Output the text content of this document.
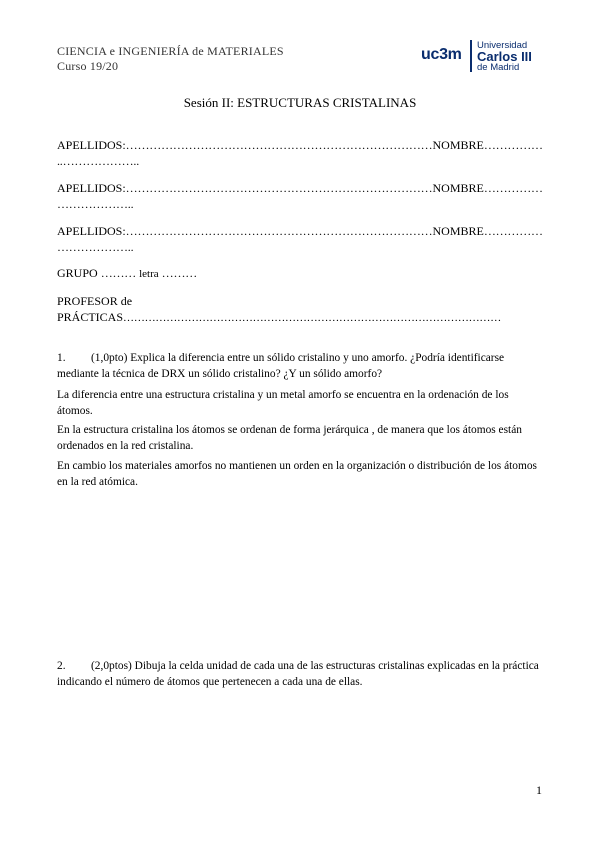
CIENCIA e INGENIERÍA de MATERIALES
Curso 19/20
uc3m
Universidad
Carlos III
de Madrid
Sesión II: ESTRUCTURAS CRISTALINAS
APELLIDOS:……………………………………………………………………NOMBRE……………
..………………..
APELLIDOS:……………………………………………………………………NOMBRE……………
………………..
APELLIDOS:……………………………………………………………………NOMBRE……………
………………..
GRUPO ……… letra ………
PROFESOR de
PRÁCTICAS……………………………………………………………………………………………
1. (1,0pto) Explica la diferencia entre un sólido cristalino y uno amorfo. ¿Podría identificarse mediante la técnica de DRX un sólido cristalino? ¿Y un sólido amorfo?
La diferencia entre una estructura cristalina y un metal amorfo se encuentra en la ordenación de los átomos.
En la estructura cristalina los átomos se ordenan de forma jerárquica , de manera que los átomos están ordenados en la red cristalina.
En cambio los materiales amorfos no mantienen un orden en la organización o distribución de los átomos en la red atómica.
2. (2,0ptos) Dibuja la celda unidad de cada una de las estructuras cristalinas explicadas en la práctica indicando el número de átomos que pertenecen a cada una de ellas.
1
